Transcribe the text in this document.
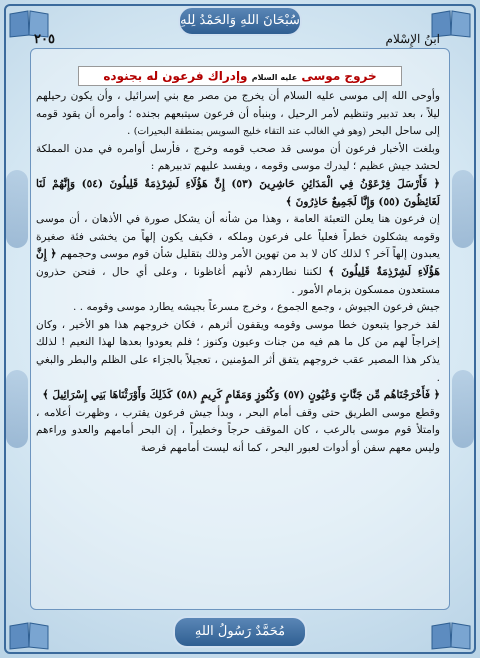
سُبْحَانَ اللهِ وَالحَمْدُ لِلهِ
ابنُ الإِسْلام
٢٠٥
خروج موسى عليه السلام وإدراك فرعون له بجنوده

وأوحى الله إلى موسى عليه السلام أن يخرج من مصر مع بني إسرائيل ، وأن يكون رحيلهم ليلاً ، بعد تدبير وتنظيم لأمر الرحيل ، وبنبأه أن فرعون سيتبعهم بجنده ؛ وأمره أن يقود قومه إلى ساحل البحر (وهو في الغالب عند التقاء خليج السويس بمنطقة البحيرات) .

وبلغت الأخبار فرعون أن موسى قد صحب قومه وخرج ، فأرسل أوامره في مدن المملكة لحشد جيش عظيم ؛ ليدرك موسى وقومه ، ويفسد عليهم تدبيرهم :

﴿ فَأَرْسَلَ فِرْعَوْنُ فِي الْمَدَائِنِ حَاشِرِينَ (٥٣) إِنَّ هَؤُلَاءِ لَشِرْذِمَةٌ قَلِيلُونَ (٥٤) وَإِنَّهُمْ لَنَا لَغَائِظُونَ (٥٥) وَإِنَّا لَجَمِيعٌ حَاذِرُونَ ﴾

إن فرعون هنا يعلن التعبئة العامة ، وهذا من شأنه أن يشكل صورة في الأذهان ، أن موسى وقومه يشكلون خطراً فعلياً على فرعون وملكه ، فكيف يكون إلهاً من يخشى فئة صغيرة يعبدون إلهاً آخر ؟ لذلك كان لا بد من تهوين الأمر وذلك بتقليل شأن قوم موسى وحجمهم ﴿ إِنَّ هَؤُلَاءِ لَشِرْذِمَةٌ قَلِيلُونَ ﴾ لكننا نطاردهم لأنهم أغاظونا ، وعلى أي حال ، فنحن حذرون مستعدون ممسكون بزمام الأمور .

جيش فرعون الجيوش ، وجمع الجموع ، وخرج مسرعاً بجيشه يطارد موسى وقومه . .

لقد خرجوا يتبعون خطا موسى وقومه ويقفون أثرهم ، فكان خروجهم هذا هو الأخير ، وكان إخراجاً لهم من كل ما هم فيه من جنات وعيون وكنوز ؛ فلم يعودوا بعدها لهذا النعيم ! لذلك يذكر هذا المصير عقب خروجهم يتفق أثر المؤمنين ، تعجيلاً بالجزاء على الظلم والبطر والبغي .

﴿ فَأَخْرَجْنَاهُم مِّن جَنَّاتٍ وَعُيُونٍ (٥٧) وَكُنُوزٍ وَمَقَامٍ كَرِيمٍ (٥٨) كَذَلِكَ وَأَوْرَثْنَاهَا بَنِي إِسْرَائِيلَ ﴾

وقطع موسى الطريق حتى وقف أمام البحر ، وبدأ جيش فرعون يقترب ، وظهرت أعلامه ، وامتلأ قوم موسى بالرعب ، كان الموقف حرجاً وخطيراً ، إن البحر أمامهم والعدو وراءهم وليس معهم سفن أو أدوات لعبور البحر ، كما أنه ليست أمامهم فرصة

مُحَمَّدٌ رَسُولُ اللهِ
